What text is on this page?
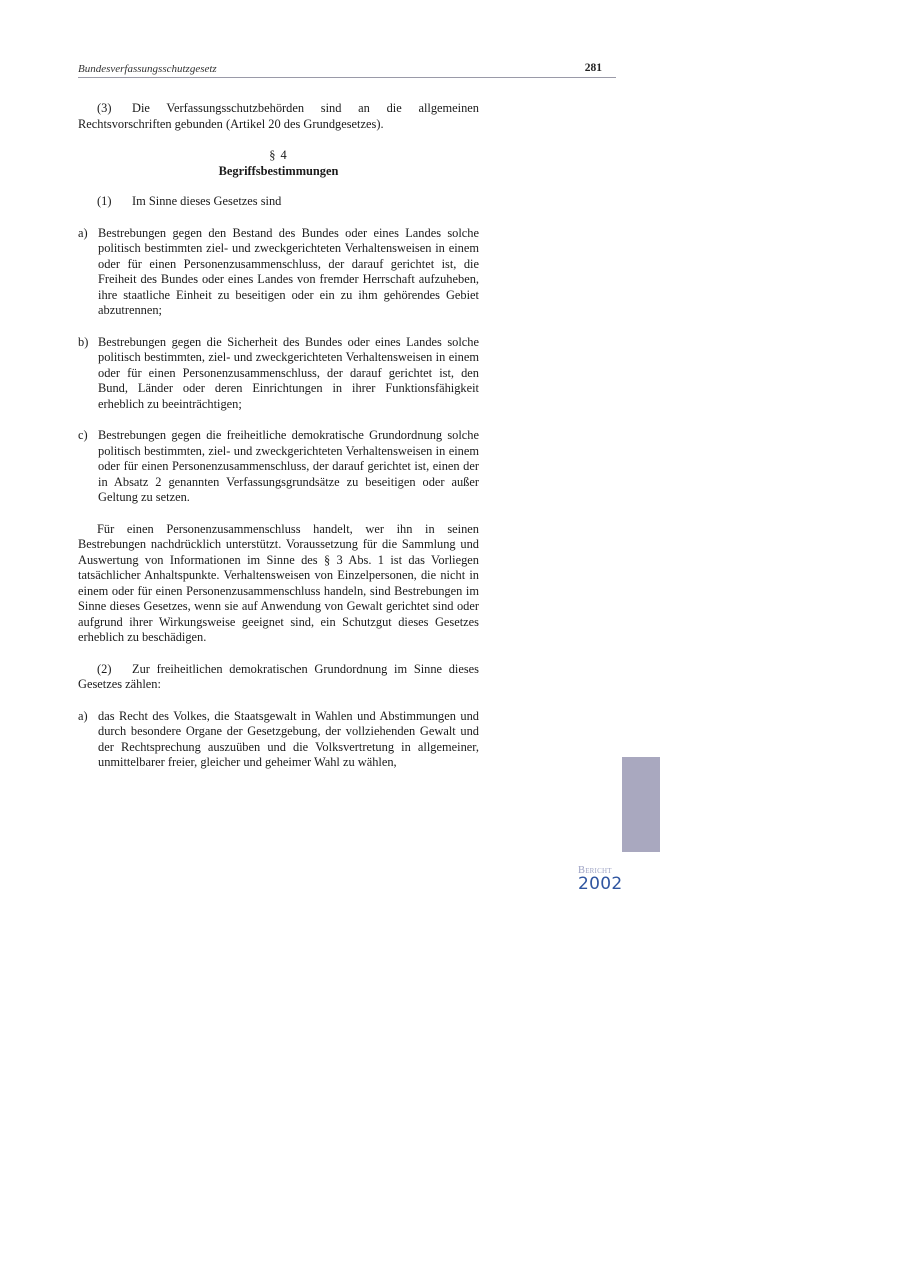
Bundesverfassungsschutzgesetz	281

(3) Die Verfassungsschutzbehörden sind an die allgemeinen Rechtsvorschriften gebunden (Artikel 20 des Grundgesetzes).

§ 4
Begriffsbestimmungen

(1) Im Sinne dieses Gesetzes sind

a) Bestrebungen gegen den Bestand des Bundes oder eines Landes solche politisch bestimmten ziel- und zweckgerichteten Verhaltensweisen in einem oder für einen Personenzusammenschluss, der darauf gerichtet ist, die Freiheit des Bundes oder eines Landes von fremder Herrschaft aufzuheben, ihre staatliche Einheit zu beseitigen oder ein zu ihm gehörendes Gebiet abzutrennen;
b) Bestrebungen gegen die Sicherheit des Bundes oder eines Landes solche politisch bestimmten, ziel- und zweckgerichteten Verhaltensweisen in einem oder für einen Personenzusammenschluss, der darauf gerichtet ist, den Bund, Länder oder deren Einrichtungen in ihrer Funktionsfähigkeit erheblich zu beeinträchtigen;
c) Bestrebungen gegen die freiheitliche demokratische Grundordnung solche politisch bestimmten, ziel- und zweckgerichteten Verhaltensweisen in einem oder für einen Personenzusammenschluss, der darauf gerichtet ist, einen der in Absatz 2 genannten Verfassungsgrundsätze zu beseitigen oder außer Geltung zu setzen.

Für einen Personenzusammenschluss handelt, wer ihn in seinen Bestrebungen nachdrücklich unterstützt. Voraussetzung für die Sammlung und Auswertung von Informationen im Sinne des § 3 Abs. 1 ist das Vorliegen tatsächlicher Anhaltspunkte. Verhaltensweisen von Einzelpersonen, die nicht in einem oder für einen Personenzusammenschluss handeln, sind Bestrebungen im Sinne dieses Gesetzes, wenn sie auf Anwendung von Gewalt gerichtet sind oder aufgrund ihrer Wirkungsweise geeignet sind, ein Schutzgut dieses Gesetzes erheblich zu beschädigen.

(2) Zur freiheitlichen demokratischen Grundordnung im Sinne dieses Gesetzes zählen:

a) das Recht des Volkes, die Staatsgewalt in Wahlen und Abstimmungen und durch besondere Organe der Gesetzgebung, der vollziehenden Gewalt und der Rechtsprechung auszuüben und die Volksvertretung in allgemeiner, unmittelbarer freier, gleicher und geheimer Wahl zu wählen,
Bericht
2002
